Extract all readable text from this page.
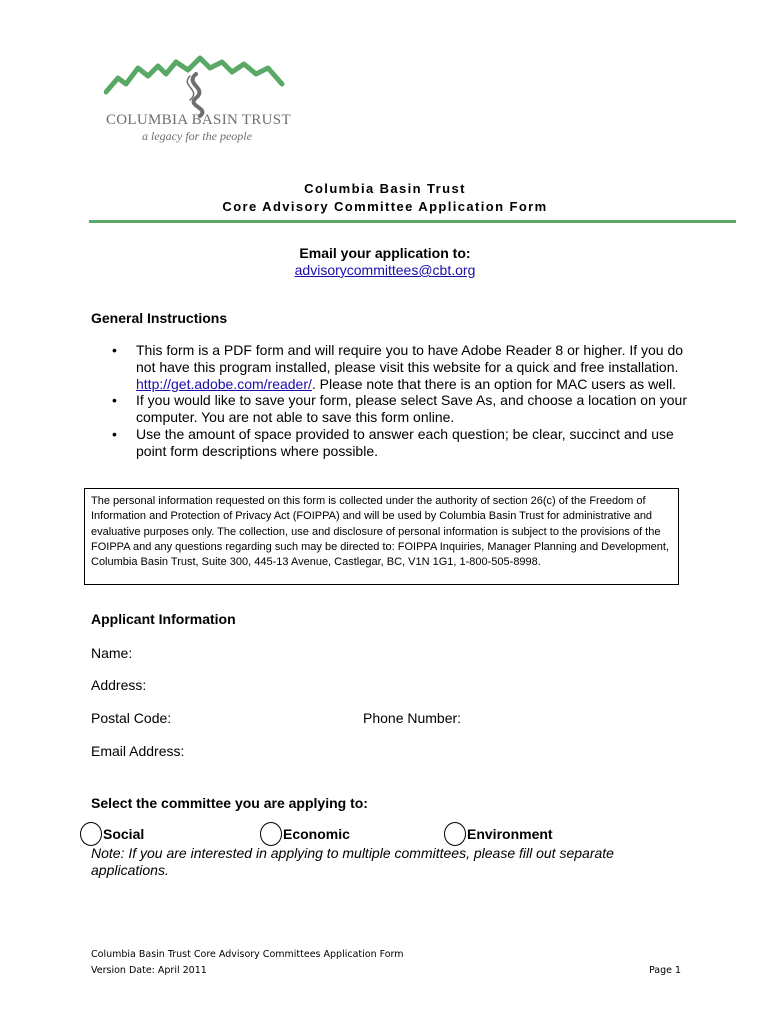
COLUMBIA BASIN TRUST
a legacy for the people
Columbia Basin Trust
Core Advisory Committee Application Form
Email your application to:
advisorycommittees@cbt.org
General Instructions
• This form is a PDF form and will require you to have Adobe Reader 8 or higher. If you do not have this program installed, please visit this website for a quick and free installation. http://get.adobe.com/reader/. Please note that there is an option for MAC users as well.
• If you would like to save your form, please select Save As, and choose a location on your computer. You are not able to save this form online.
• Use the amount of space provided to answer each question; be clear, succinct and use point form descriptions where possible.
The personal information requested on this form is collected under the authority of section 26(c) of the Freedom of Information and Protection of Privacy Act (FOIPPA) and will be used by Columbia Basin Trust for administrative and evaluative purposes only. The collection, use and disclosure of personal information is subject to the provisions of the FOIPPA and any questions regarding such may be directed to: FOIPPA Inquiries, Manager Planning and Development, Columbia Basin Trust, Suite 300, 445-13 Avenue, Castlegar, BC, V1N 1G1, 1-800-505-8998.
Applicant Information
Name:
Address:
Postal Code:	Phone Number:
Email Address:
Select the committee you are applying to:
Social	Economic	Environment
Note: If you are interested in applying to multiple committees, please fill out separate applications.
Columbia Basin Trust Core Advisory Committees Application Form
Version Date: April 2011	Page 1
